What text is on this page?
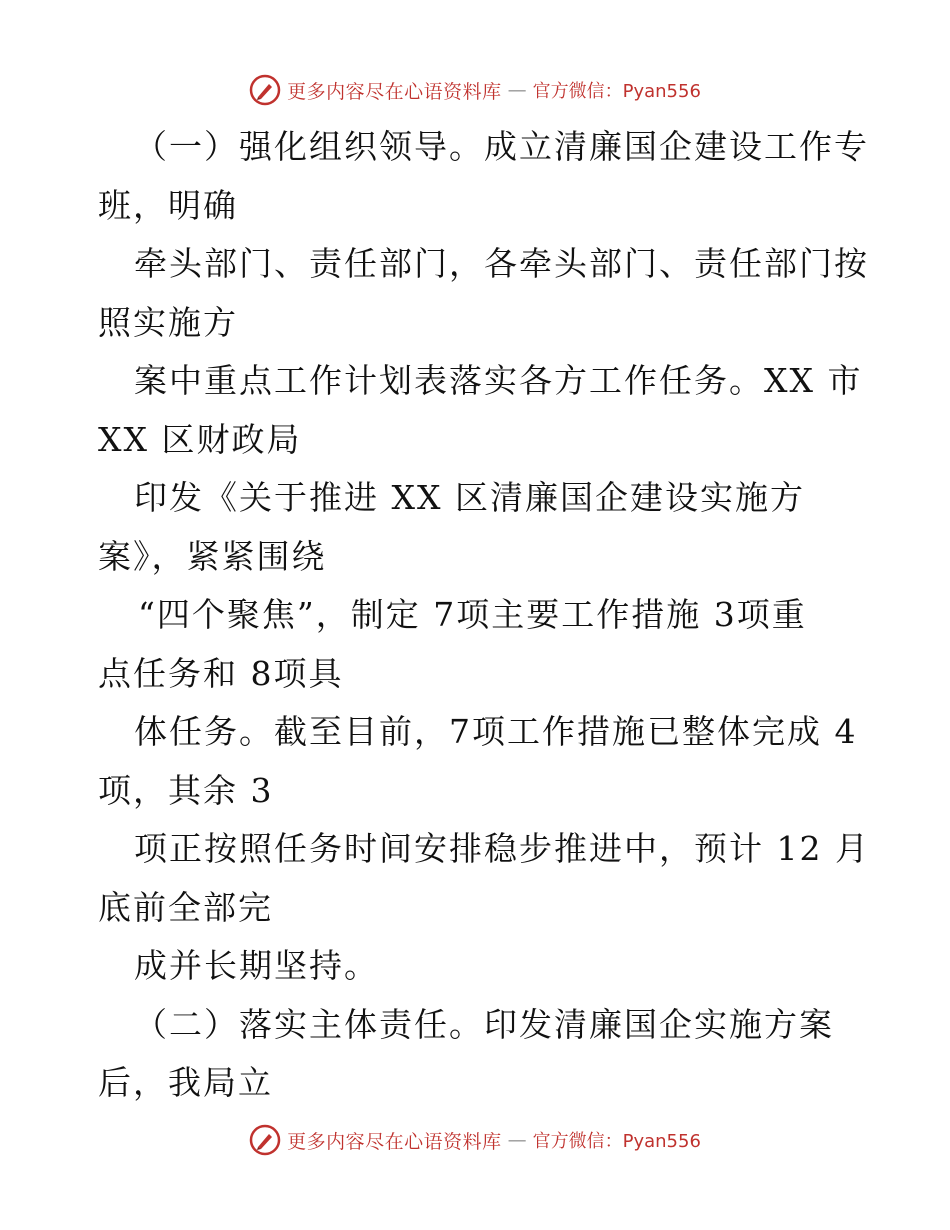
更多内容尽在心语资料库 — 官方微信：Pyan556
（一）强化组织领导。成立清廉国企建设工作专
班，明确
牵头部门、责任部门，各牵头部门、责任部门按
照实施方
案中重点工作计划表落实各方工作任务。XX 市
XX 区财政局
印发《关于推进 XX 区清廉国企建设实施方
案》，紧紧围绕
“四个聚焦”，制定 7项主要工作措施 3项重
点任务和 8项具
体任务。截至目前，7项工作措施已整体完成 4
项，其余 3
项正按照任务时间安排稳步推进中，预计 12 月
底前全部完
成并长期坚持。
（二）落实主体责任。印发清廉国企实施方案
后，我局立
更多内容尽在心语资料库 — 官方微信：Pyan556
